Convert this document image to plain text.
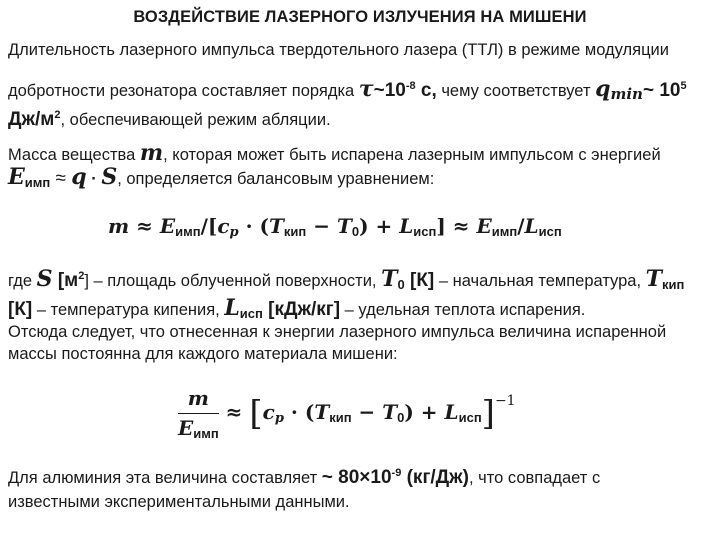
ВОЗДЕЙСТВИЕ ЛАЗЕРНОГО ИЗЛУЧЕНИЯ НА МИШЕНИ
Длительность лазерного импульса твердотельного лазера (ТТЛ) в режиме модуляции
добротности резонатора составляет порядка $\tau\sim 10^{-8}$ с, чему соответствует $q_{min}\sim$ $10^5$
$Дж/м^2$, обеспечивающей режим абляции.
Масса вещества m, которая может быть испарена лазерным импульсом с энергией
$E_{имп} \approx q \cdot S$, определяется балансовым уравнением:
$m \approx E_{имп}/[c_p \cdot (T_{кип} - T_0) + L_{исп}] \approx E_{имп}/L_{исп}$
где S $[м^2]$ – площадь облученной поверхности, $T_0$ [К] – начальная температура, $T_{кип}$
[К] – температура кипения, $L_{исп}$ [кДж/кг] – удельная теплота испарения.
Отсюда следует, что отнесенная к энергии лазерного импульса величина испаренной
массы постоянна для каждого материала мишени:
$\frac{m}{E_{имп}} \approx [c_p \cdot (T_{кип} - T_0) + L_{исп}]^{-1}$
Для алюминия эта величина составляет ~ $80\times 10^{-9}$ (кг/Дж), что совпадает с
известными экспериментальными данными.
